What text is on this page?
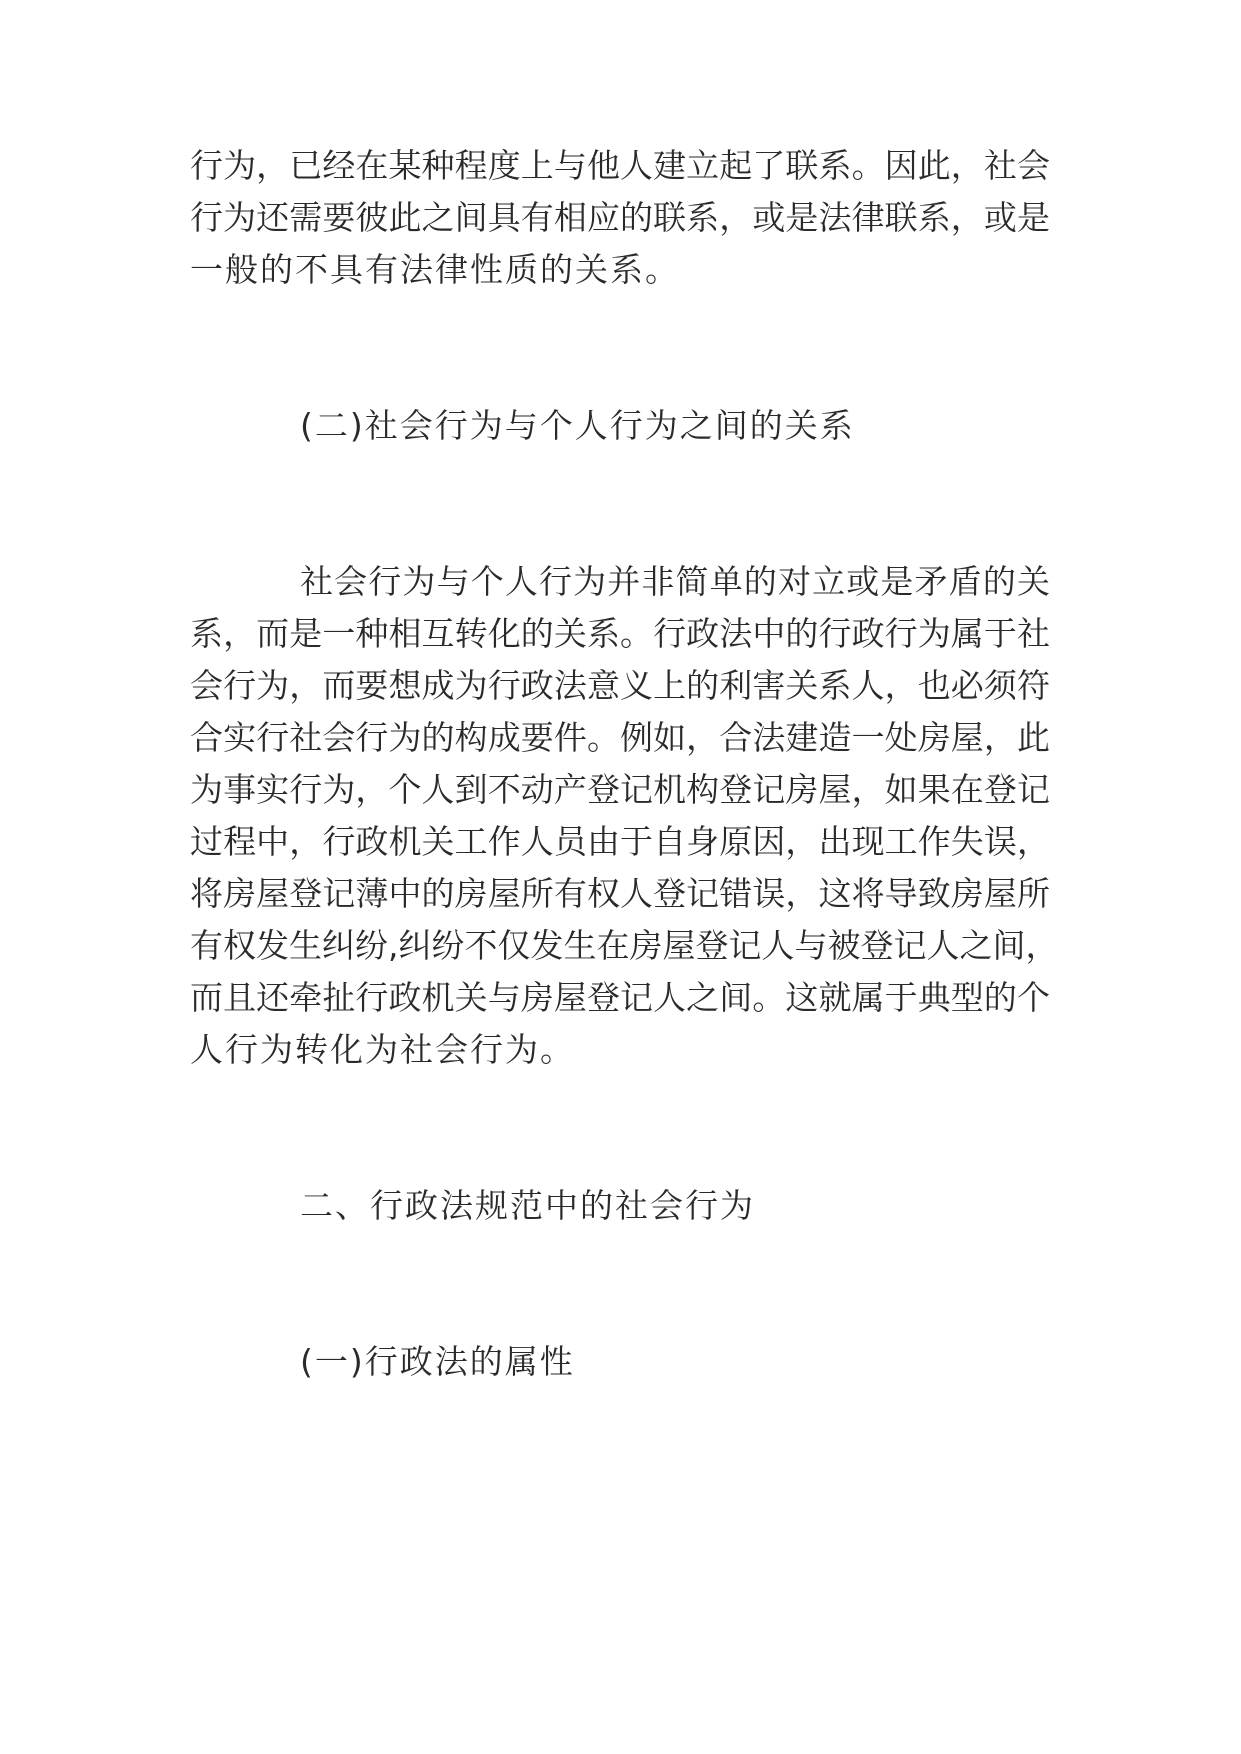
行 为 ， 已 经 在 某 种 程 度 上 与 他 人 建 立 起 了 联 系 。 因 此 ， 社 会
行 为 还 需 要 彼 此 之 间 具 有 相 应 的 联 系 ， 或 是 法 律 联 系 ， 或 是
一般的不具有法律性质的关系。
(二)社会行为与个人行为之间的关系
社 会 行 为 与 个 人 行 为 并 非 简 单 的 对 立 或 是 矛 盾 的 关
系 ， 而 是 一 种 相 互 转 化 的 关 系 。 行 政 法 中 的 行 政 行 为 属 于 社
会 行 为 ， 而 要 想 成 为 行 政 法 意 义 上 的 利 害 关 系 人 ， 也 必 须 符
合 实 行 社 会 行 为 的 构 成 要 件 。 例 如 ， 合 法 建 造 一 处 房 屋 ， 此
为 事 实 行 为 ， 个 人 到 不 动 产 登 记 机 构 登 记 房 屋 ， 如 果 在 登 记
过 程 中 ， 行 政 机 关 工 作 人 员 由 于 自 身 原 因 ， 出 现 工 作 失 误 ，
将 房 屋 登 记 薄 中 的 房 屋 所 有 权 人 登 记 错 误 ， 这 将 导 致 房 屋 所
有 权 发 生 纠 纷 , 纠 纷 不 仅 发 生 在 房 屋 登 记 人 与 被 登 记 人 之 间 ，
而 且 还 牵 扯 行 政 机 关 与 房 屋 登 记 人 之 间 。 这 就 属 于 典 型 的 个
人行为转化为社会行为。
二、行政法规范中的社会行为
(一)行政法的属性
